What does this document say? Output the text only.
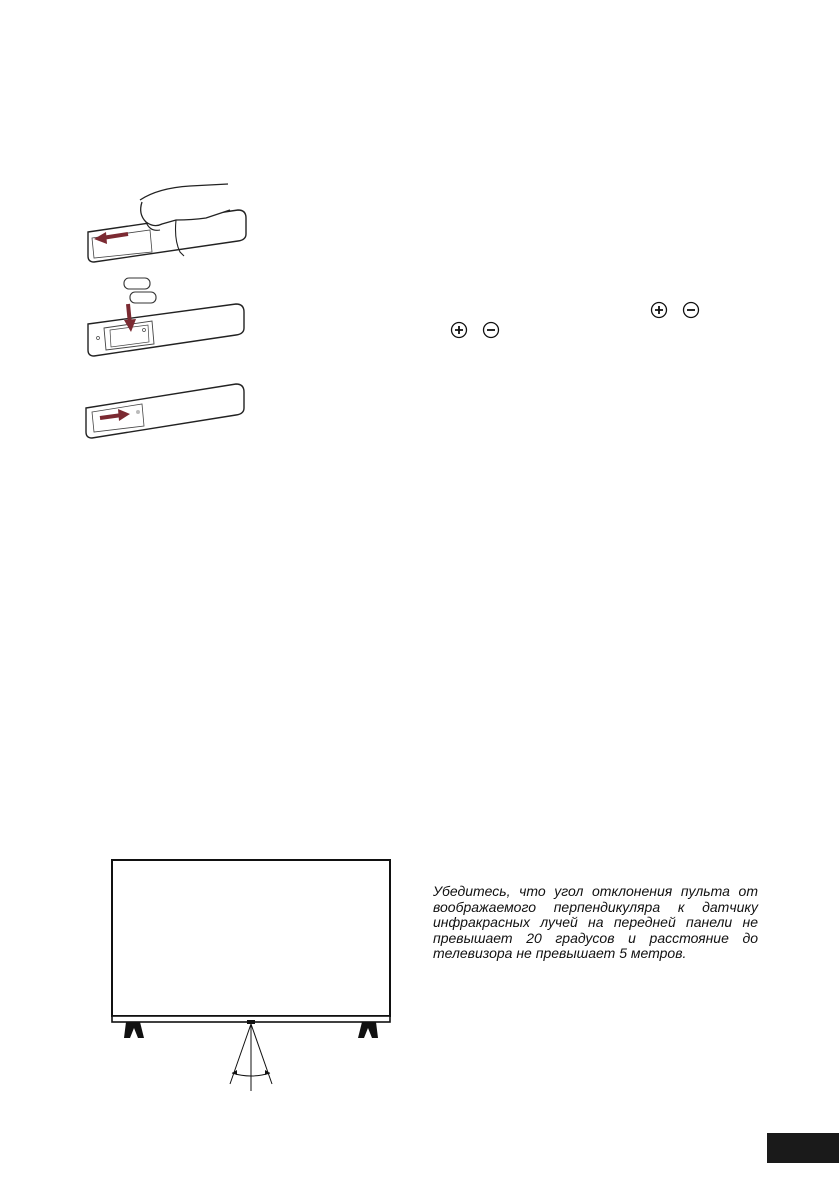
Убедитесь, что угол отклонения пульта от воображаемого перпендикуляра к датчику инфракрасных лучей на передней панели не превышает 20 градусов и расстояние до телевизора не превышает 5 метров.
